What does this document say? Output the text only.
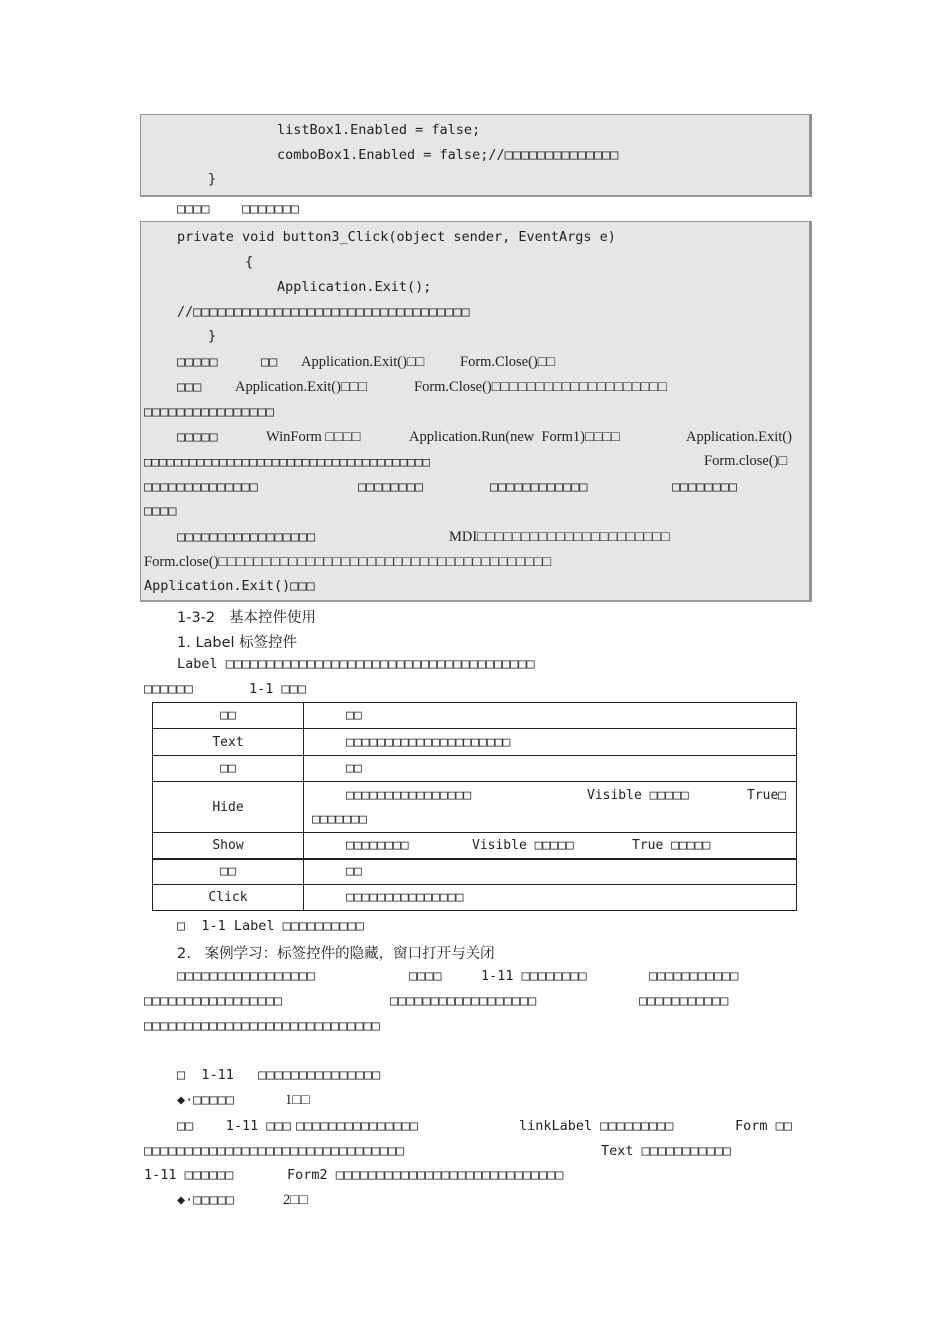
listBox1.Enabled = false;
comboBox1.Enabled = false;//□□□□□□□□□□□□□□
}
□□□□    □□□□□□□
private void button3_Click(object sender, EventArgs e)
{
Application.Exit();
//□□□□□□□□□□□□□□□□□□□□□□□□□□□□□□□□□□
}
□□□□□	□□ Application.Exit()□□ Form.Close()□□
□□□ Application.Exit()□□□	Form.Close()□□□□□□□□□□□□□□□□□□□□
□□□□□□□□□□□□□□□□
□□□□□	WinForm □□□□	Application.Run(new  Form1)□□□□	Application.Exit()
□□□□□□□□□□□□□□□□□□□□□□□□□□□□□□□□□□□□□□	Form.close()□
□□□□□□□□□□□□□□	□□□□□□□□	□□□□□□□□□□□□	□□□□□□□□
□□□□
□□□□□□□□□□□□□□□□□	MDI□□□□□□□□□□□□□□□□□□□□□□
Form.close()□□□□□□□□□□□□□□□□□□□□□□□□□□□□□□□□□□□□□□
Application.Exit()□□□
1-3-2   基本控件使用
1. Label 标签控件
Label □□□□□□□□□□□□□□□□□□□□□□□□□□□□□□□□□□□□□□
□□□□□□	1-1 □□□
□□	□□
Text	□□□□□□□□□□□□□□□□□□□□□
□□	□□
Hide	□□□□□□□□□□□□□□□□ Visible □□□□□ True□
□□□□□□□

Show	□□□□□□□□ Visible □□□□□ True □□□□□

□□	□□
Click	□□□□□□□□□□□□□□□
□  1-1 Label □□□□□□□□□□
2.   案例学习：标签控件的隐藏，窗口打开与关闭
□□□□□□□□□□□□□□□□□	□□□□	1-11 □□□□□□□□	□□□□□□□□□□□
□□□□□□□□□□□□□□□□□	□□□□□□□□□□□□□□□□□□	□□□□□□□□□□□
□□□□□□□□□□□□□□□□□□□□□□□□□□□□□
□  1-11   □□□□□□□□□□□□□□□
◆·□□□□□	1□□
□□    1-11 □□□ □□□□□□□□□□□□□□□	linkLabel □□□□□□□□□	Form □□
□□□□□□□□□□□□□□□□□□□□□□□□□□□□□□□□	Text □□□□□□□□□□□
1-11 □□□□□□	Form2 □□□□□□□□□□□□□□□□□□□□□□□□□□□□
◆·□□□□□	2□□
